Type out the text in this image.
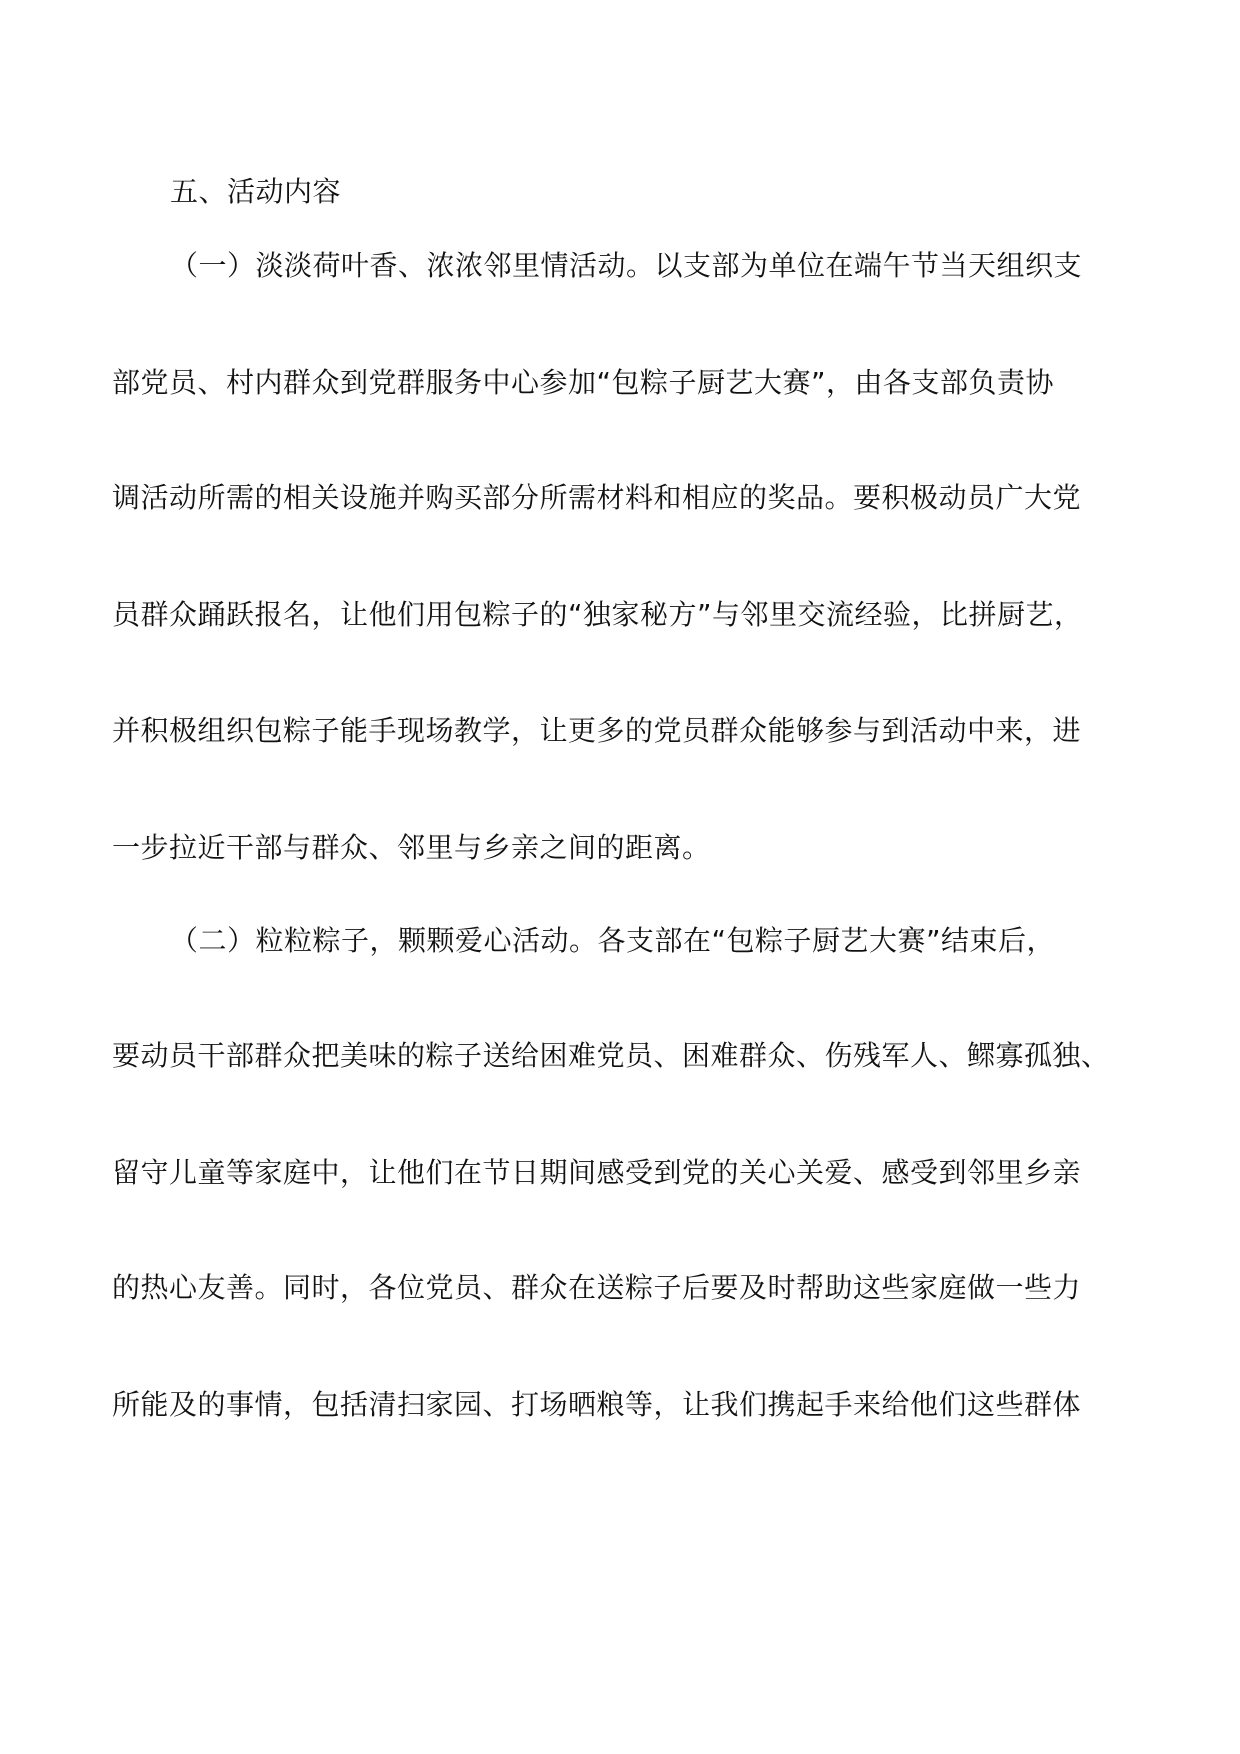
五、活动内容
（一）淡淡荷叶香、浓浓邻里情活动。以支部为单位在端午节当天组织支
部党员、村内群众到党群服务中心参加“包粽子厨艺大赛”，由各支部负责协
调活动所需的相关设施并购买部分所需材料和相应的奖品。要积极动员广大党
员群众踊跃报名，让他们用包粽子的“独家秘方”与邻里交流经验，比拼厨艺，
并积极组织包粽子能手现场教学，让更多的党员群众能够参与到活动中来，进
一步拉近干部与群众、邻里与乡亲之间的距离。
（二）粒粒粽子，颗颗爱心活动。各支部在“包粽子厨艺大赛”结束后，
要动员干部群众把美味的粽子送给困难党员、困难群众、伤残军人、鳏寡孤独、
留守儿童等家庭中，让他们在节日期间感受到党的关心关爱、感受到邻里乡亲
的热心友善。同时，各位党员、群众在送粽子后要及时帮助这些家庭做一些力
所能及的事情，包括清扫家园、打场晒粮等，让我们携起手来给他们这些群体
